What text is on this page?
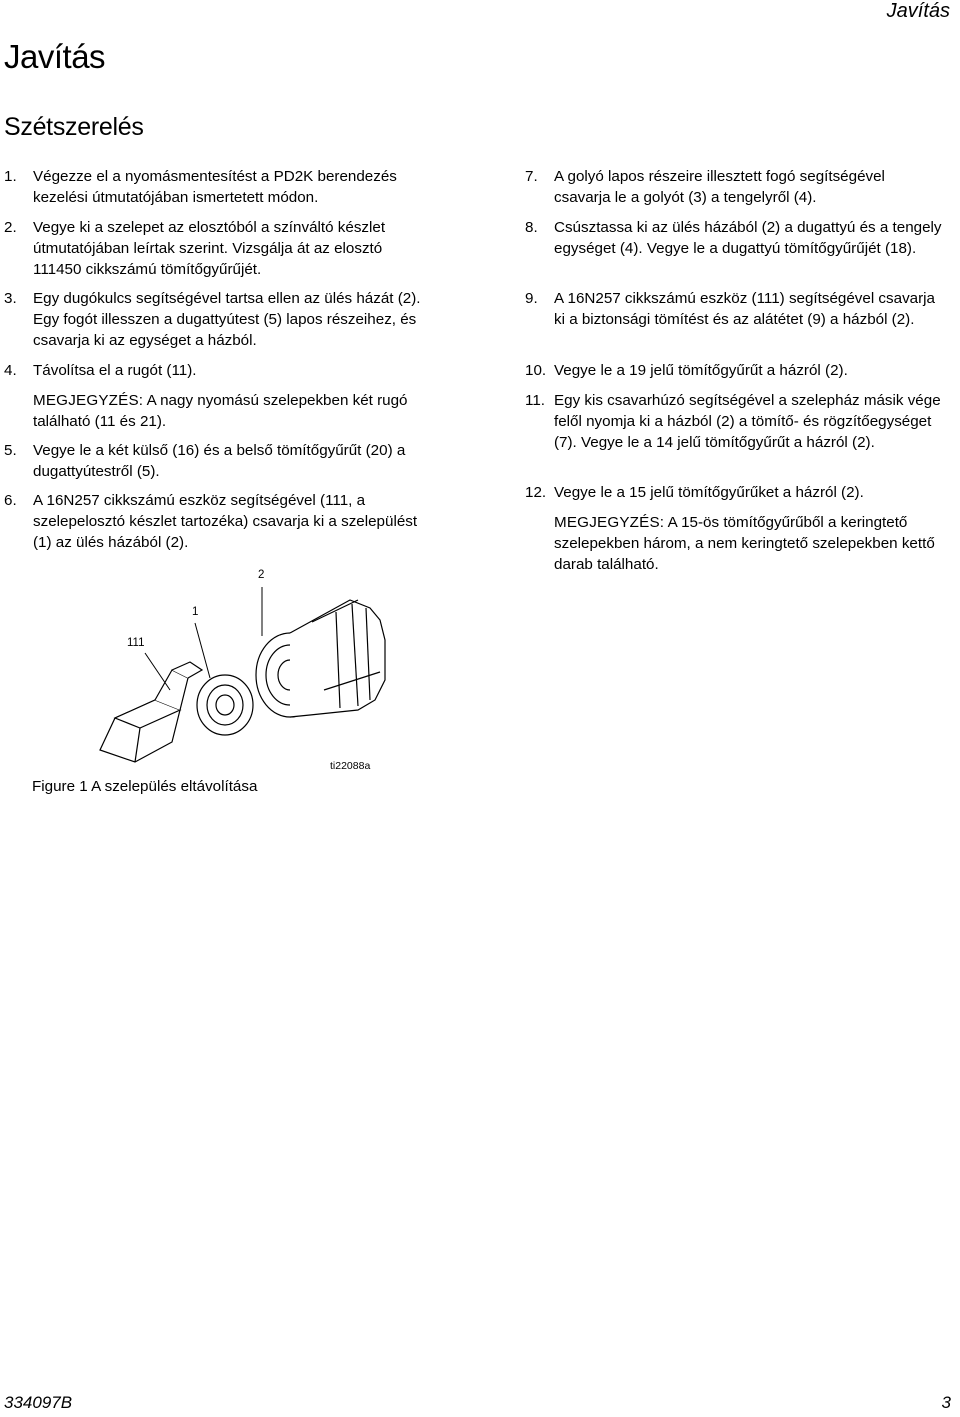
Javítás
Javítás
Szétszerelés
1. Végezze el a nyomásmentesítést a PD2K berendezés kezelési útmutatójában ismertetett módon.
2. Vegye ki a szelepet az elosztóból a színváltó készlet útmutatójában leírtak szerint. Vizsgálja át az elosztó 111450 cikkszámú tömítőgyűrűjét.
3. Egy dugókulcs segítségével tartsa ellen az ülés házát (2). Egy fogót illesszen a dugattyútest (5) lapos részeihez, és csavarja ki az egységet a házból.
4. Távolítsa el a rugót (11).
MEGJEGYZÉS: A nagy nyomású szelepekben két rugó található (11 és 21).
5. Vegye le a két külső (16) és a belső tömítőgyűrűt (20) a dugattyútestről (5).
6. A 16N257 cikkszámú eszköz segítségével (111, a szelepelosztó készlet tartozéka) csavarja ki a szelepülést (1) az ülés házából (2).
7. A golyó lapos részeire illesztett fogó segítségével csavarja le a golyót (3) a tengelyről (4).
8. Csúsztassa ki az ülés házából (2) a dugattyú és a tengely egységet (4). Vegye le a dugattyú tömítőgyűrűjét (18).
9. A 16N257 cikkszámú eszköz (111) segítségével csavarja ki a biztonsági tömítést és az alátétet (9) a házból (2).
10. Vegye le a 19 jelű tömítőgyűrűt a házról (2).
11. Egy kis csavarhúzó segítségével a szelepház másik vége felől nyomja ki a házból (2) a tömítő- és rögzítőegységet (7). Vegye le a 14 jelű tömítőgyűrűt a házról (2).
12. Vegye le a 15 jelű tömítőgyűrűket a házról (2).
MEGJEGYZÉS: A 15-ös tömítőgyűrűből a keringtető szelepekben három, a nem keringtető szelepekben kettő darab található.
111
1
2
ti22088a
Figure 1 A szelepülés eltávolítása
334097B	3
